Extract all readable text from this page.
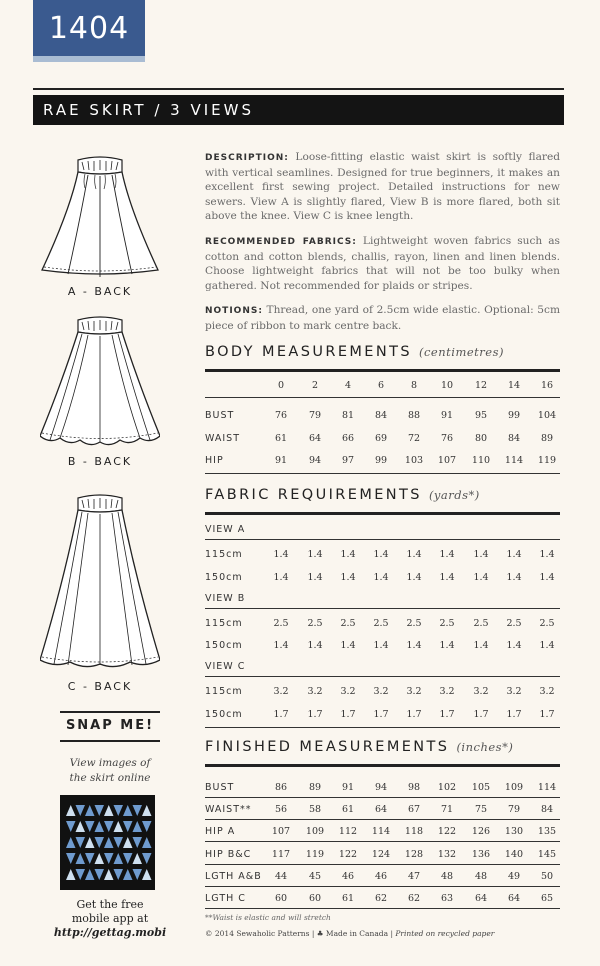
1404
RAE SKIRT / 3 VIEWS
A - BACK
B - BACK
C - BACK
DESCRIPTION: Loose-fitting elastic waist skirt is softly flared with vertical seamlines. Designed for true beginners, it makes an excellent first sewing project. Detailed instructions for new sewers. View A is slightly flared, View B is more flared, both sit above the knee. View C is knee length.
RECOMMENDED FABRICS: Lightweight woven fabrics such as cotton and cotton blends, challis, rayon, linen and linen blends. Choose lightweight fabrics that will not be too bulky when gathered. Not recommended for plaids or stripes.
NOTIONS: Thread, one yard of 2.5cm wide elastic. Optional: 5cm piece of ribbon to mark centre back.
BODY MEASUREMENTS (centimetres)
0	2	4	6	8	10	12	14	16
BUST	76	79	81	84	88	91	95	99	104
WAIST	61	64	66	69	72	76	80	84	89
HIP	91	94	97	99	103	107	110	114	119
FABRIC REQUIREMENTS (yards*)
VIEW A
115cm	1.4	1.4	1.4	1.4	1.4	1.4	1.4	1.4	1.4
150cm	1.4	1.4	1.4	1.4	1.4	1.4	1.4	1.4	1.4
VIEW B
115cm	2.5	2.5	2.5	2.5	2.5	2.5	2.5	2.5	2.5
150cm	1.4	1.4	1.4	1.4	1.4	1.4	1.4	1.4	1.4
VIEW C
115cm	3.2	3.2	3.2	3.2	3.2	3.2	3.2	3.2	3.2
150cm	1.7	1.7	1.7	1.7	1.7	1.7	1.7	1.7	1.7
FINISHED MEASUREMENTS (inches*)
BUST	86	89	91	94	98	102	105	109	114
WAIST**	56	58	61	64	67	71	75	79	84
HIP A	107	109	112	114	118	122	126	130	135
HIP B&C	117	119	122	124	128	132	136	140	145
LGTH A&B	44	45	46	46	47	48	48	49	50
LGTH C	60	60	61	62	62	63	64	64	65
**Waist is elastic and will stretch
© 2014 Sewaholic Patterns | ♣ Made in Canada | Printed on recycled paper
SNAP ME!
View images of
the skirt online
Get the free
mobile app at
http://gettag.mobi
